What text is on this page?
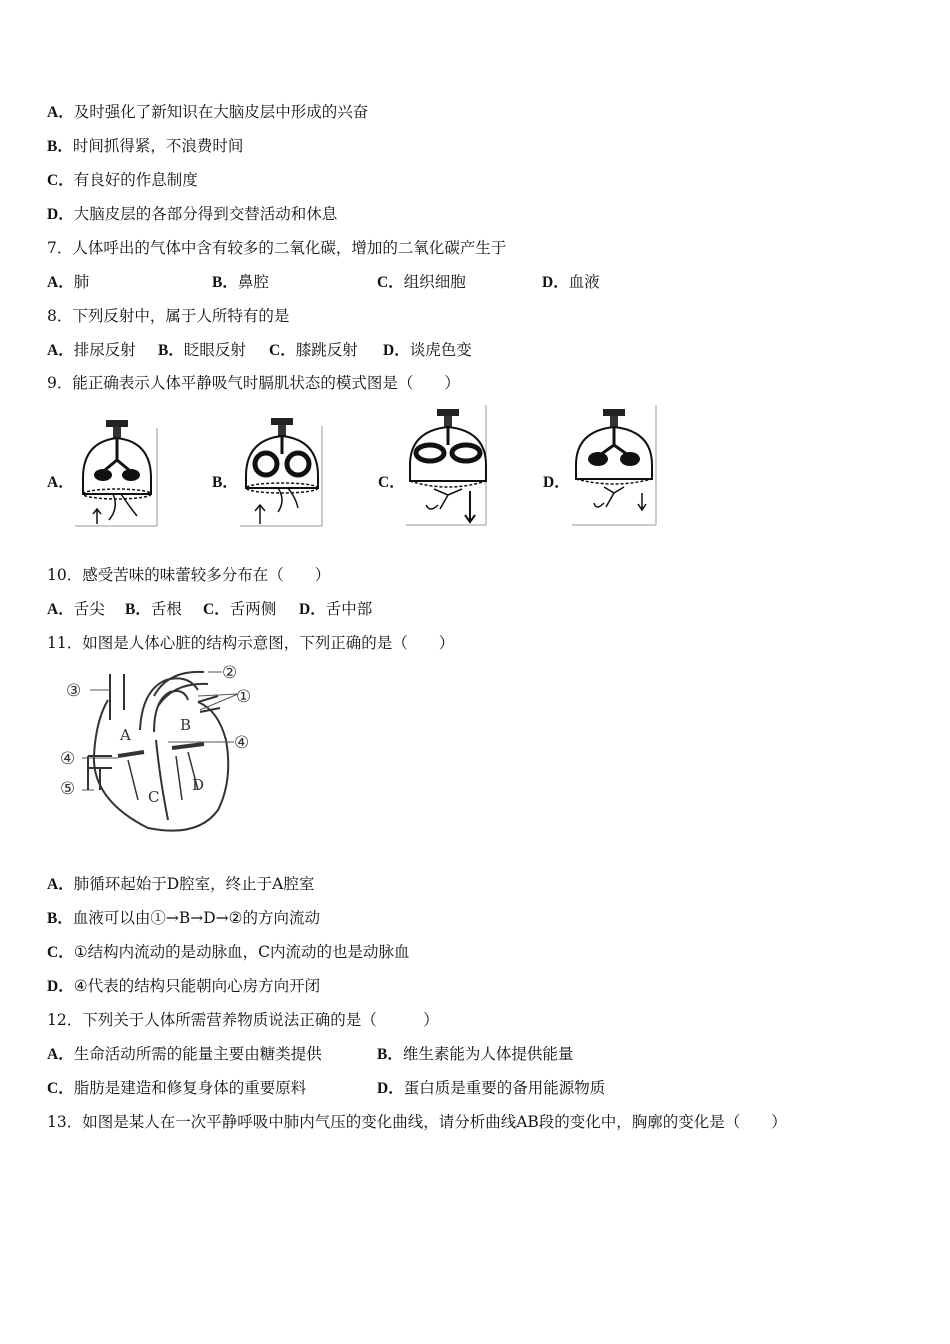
A．及时强化了新知识在大脑皮层中形成的兴奋
B．时间抓得紧，不浪费时间
C．有良好的作息制度
D．大脑皮层的各部分得到交替活动和休息
7．人体呼出的气体中含有较多的二氧化碳，增加的二氧化碳产生于
A．肺	B．鼻腔	C．组织细胞	D．血液
8．下列反射中，属于人所特有的是
A．排尿反射 B．眨眼反射 C．膝跳反射 D．谈虎色变
9．能正确表示人体平静吸气时膈肌状态的模式图是（　　）
A．	B．	C．	D．
10．感受苦味的味蕾较多分布在（　　）
A．舌尖 B．舌根 C．舌两侧 D．舌中部
11．如图是人体心脏的结构示意图，下列正确的是（　　）
A
B
C
D
③
②
①
④
④
⑤
A．肺循环起始于D腔室，终止于A腔室
B．血液可以由①→B→D→②的方向流动
C．①结构内流动的是动脉血，C内流动的也是动脉血
D．④代表的结构只能朝向心房方向开闭
12．下列关于人体所需营养物质说法正确的是（　　　）
A．生命活动所需的能量主要由糖类提供	B．维生素能为人体提供能量
C．脂肪是建造和修复身体的重要原料	D．蛋白质是重要的备用能源物质
13．如图是某人在一次平静呼吸中肺内气压的变化曲线，请分析曲线AB段的变化中，胸廓的变化是（　　）
